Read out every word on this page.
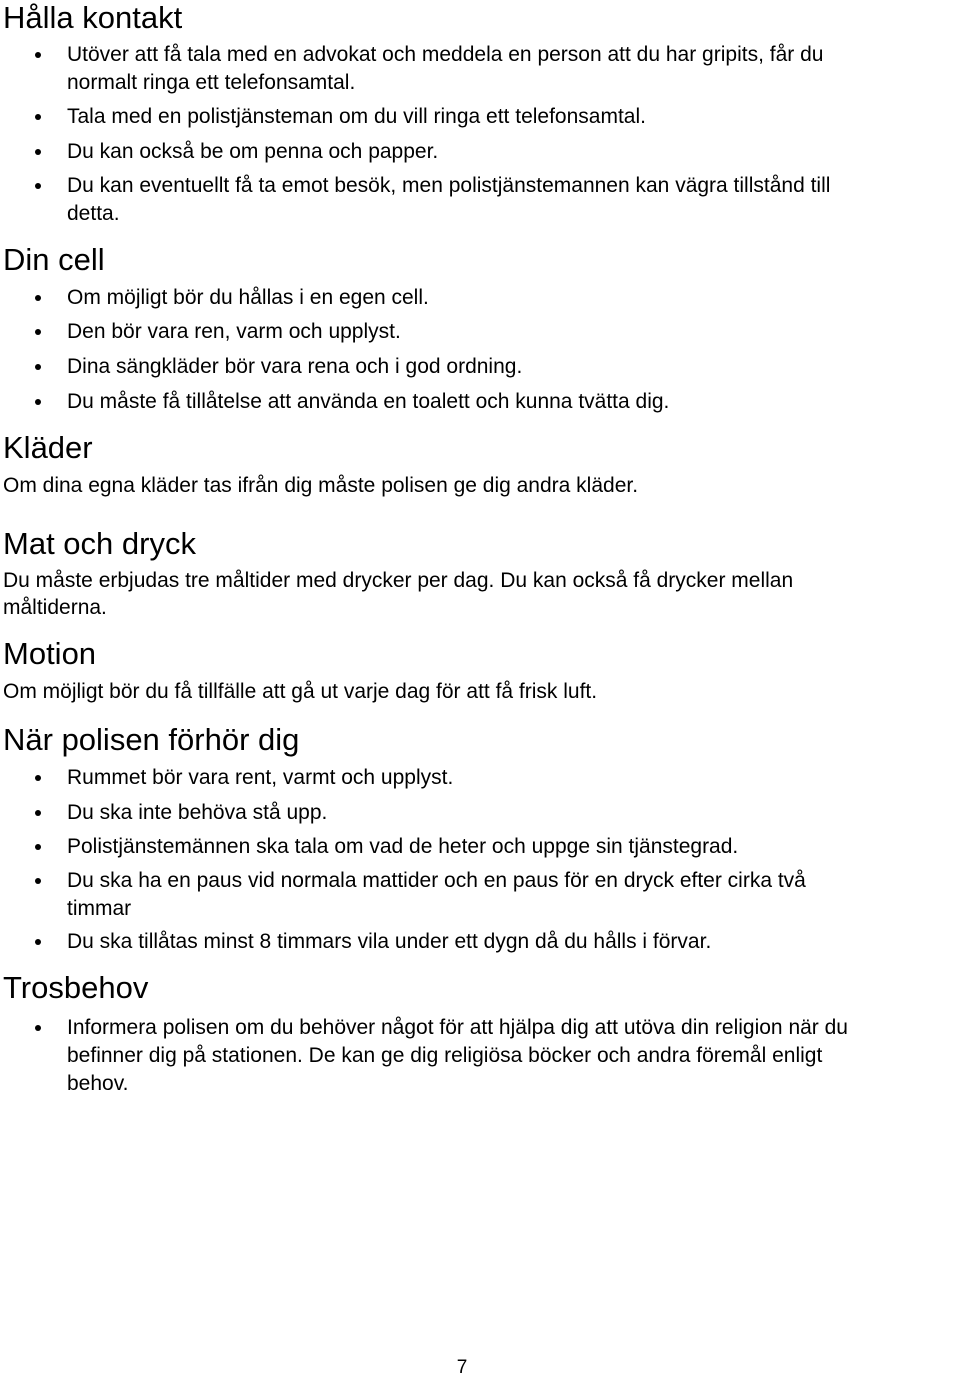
Hålla kontakt
Utöver att få tala med en advokat och meddela en person att du har gripits, får du
normalt ringa ett telefonsamtal.
Tala med en polistjänsteman om du vill ringa ett telefonsamtal.
Du kan också be om penna och papper.
Du kan eventuellt få ta emot besök, men polistjänstemannen kan vägra tillstånd till
detta.
Din cell
Om möjligt bör du hållas i en egen cell.
Den bör vara ren, varm och upplyst.
Dina sängkläder bör vara rena och i god ordning.
Du måste få tillåtelse att använda en toalett och kunna tvätta dig.
Kläder

Om dina egna kläder tas ifrån dig måste polisen ge dig andra kläder.

Mat och dryck

Du måste erbjudas tre måltider med drycker per dag. Du kan också få drycker mellan

måltiderna.

Motion

Om möjligt bör du få tillfälle att gå ut varje dag för att få frisk luft.

När polisen förhör dig
Rummet bör vara rent, varmt och upplyst.
Du ska inte behöva stå upp.
Polistjänstemännen ska tala om vad de heter och uppge sin tjänstegrad.
Du ska ha en paus vid normala mattider och en paus för en dryck efter cirka två
timmar
Du ska tillåtas minst 8 timmars vila under ett dygn då du hålls i förvar.
Trosbehov
Informera polisen om du behöver något för att hjälpa dig att utöva din religion när du
befinner dig på stationen. De kan ge dig religiösa böcker och andra föremål enligt
behov.
7
